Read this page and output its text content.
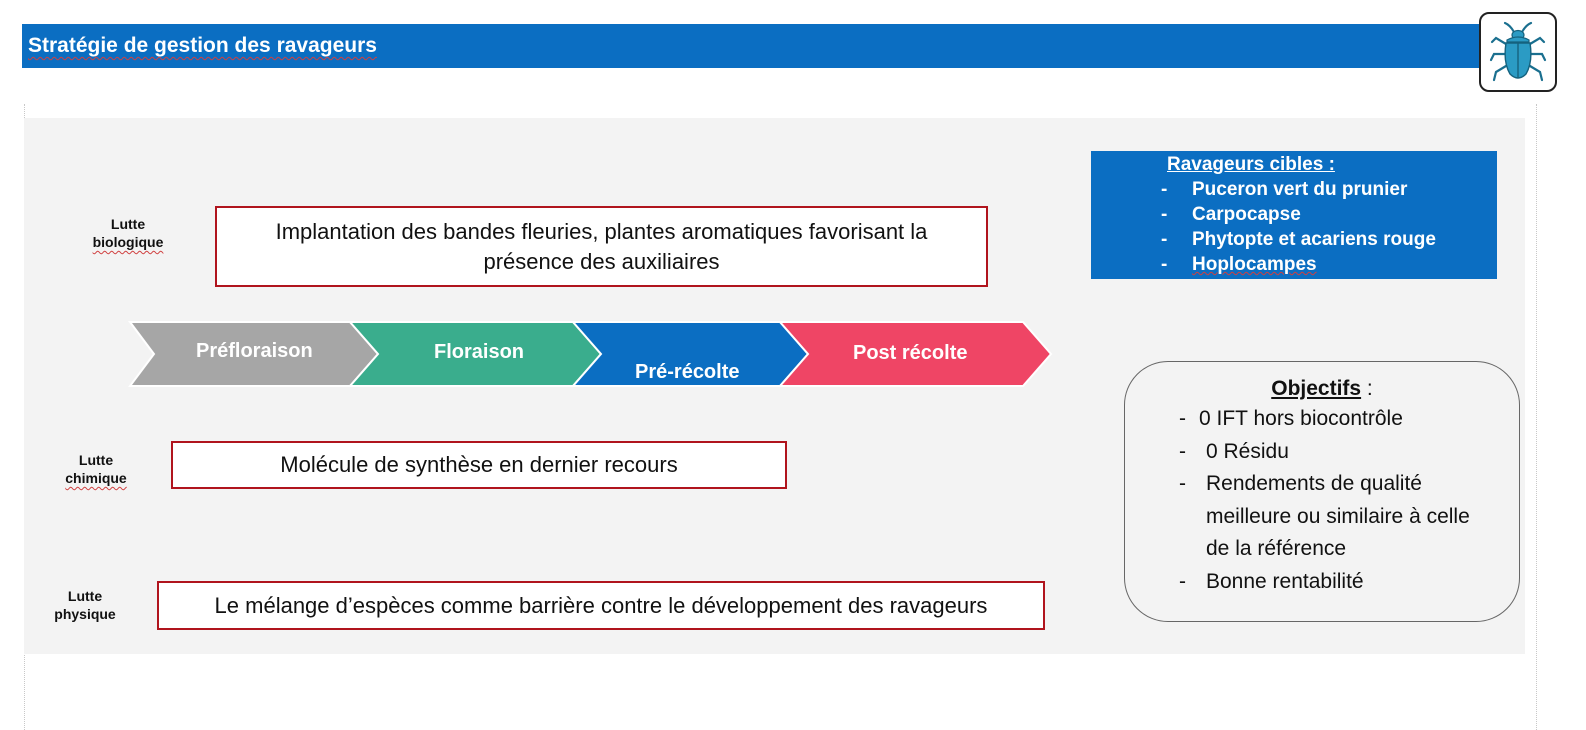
Stratégie de gestion des ravageurs
Lutte
biologique
Lutte
chimique
Lutte
physique
Implantation des bandes fleuries, plantes aromatiques favorisant la présence des auxiliaires
Molécule de synthèse en dernier recours
Le mélange d’espèces comme barrière contre le développement des ravageurs
Préfloraison	Floraison
Pré-récolte
Post récolte
Ravageurs cibles :
- Puceron vert du prunier
- Carpocapse
- Phytopte et acariens rouge
- Hoplocampes
Objectifs :
- 0 IFT hors biocontrôle
- 0 Résidu
- Rendements de qualité meilleure ou similaire à celle de la référence
- Bonne rentabilité
